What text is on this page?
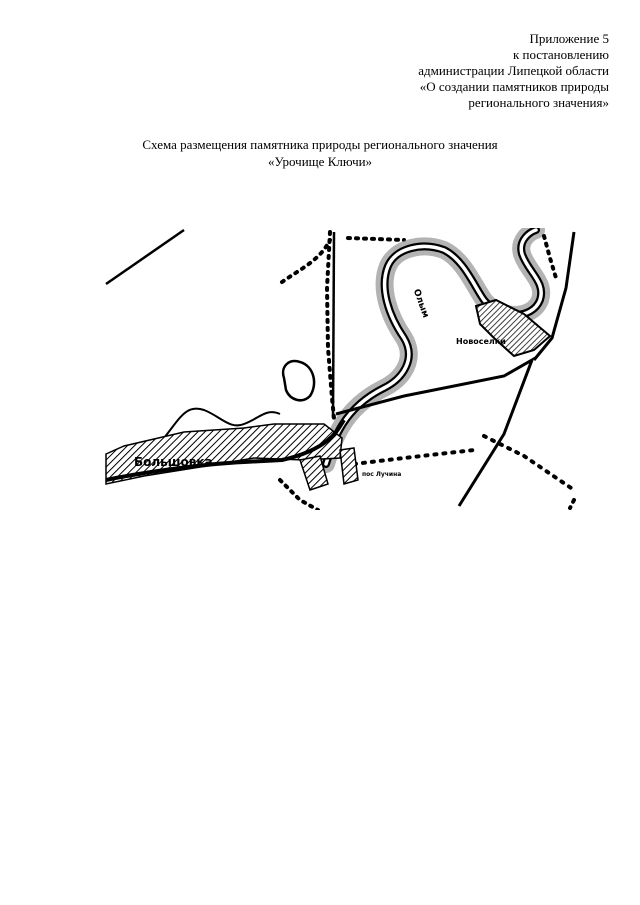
Приложение 5
к постановлению
администрации Липецкой области
«О создании памятников природы
регионального значения»
Схема размещения памятника природы регионального значения
«Урочище Ключи»
Большовка
Новоселки
Олым
пос Лучина
